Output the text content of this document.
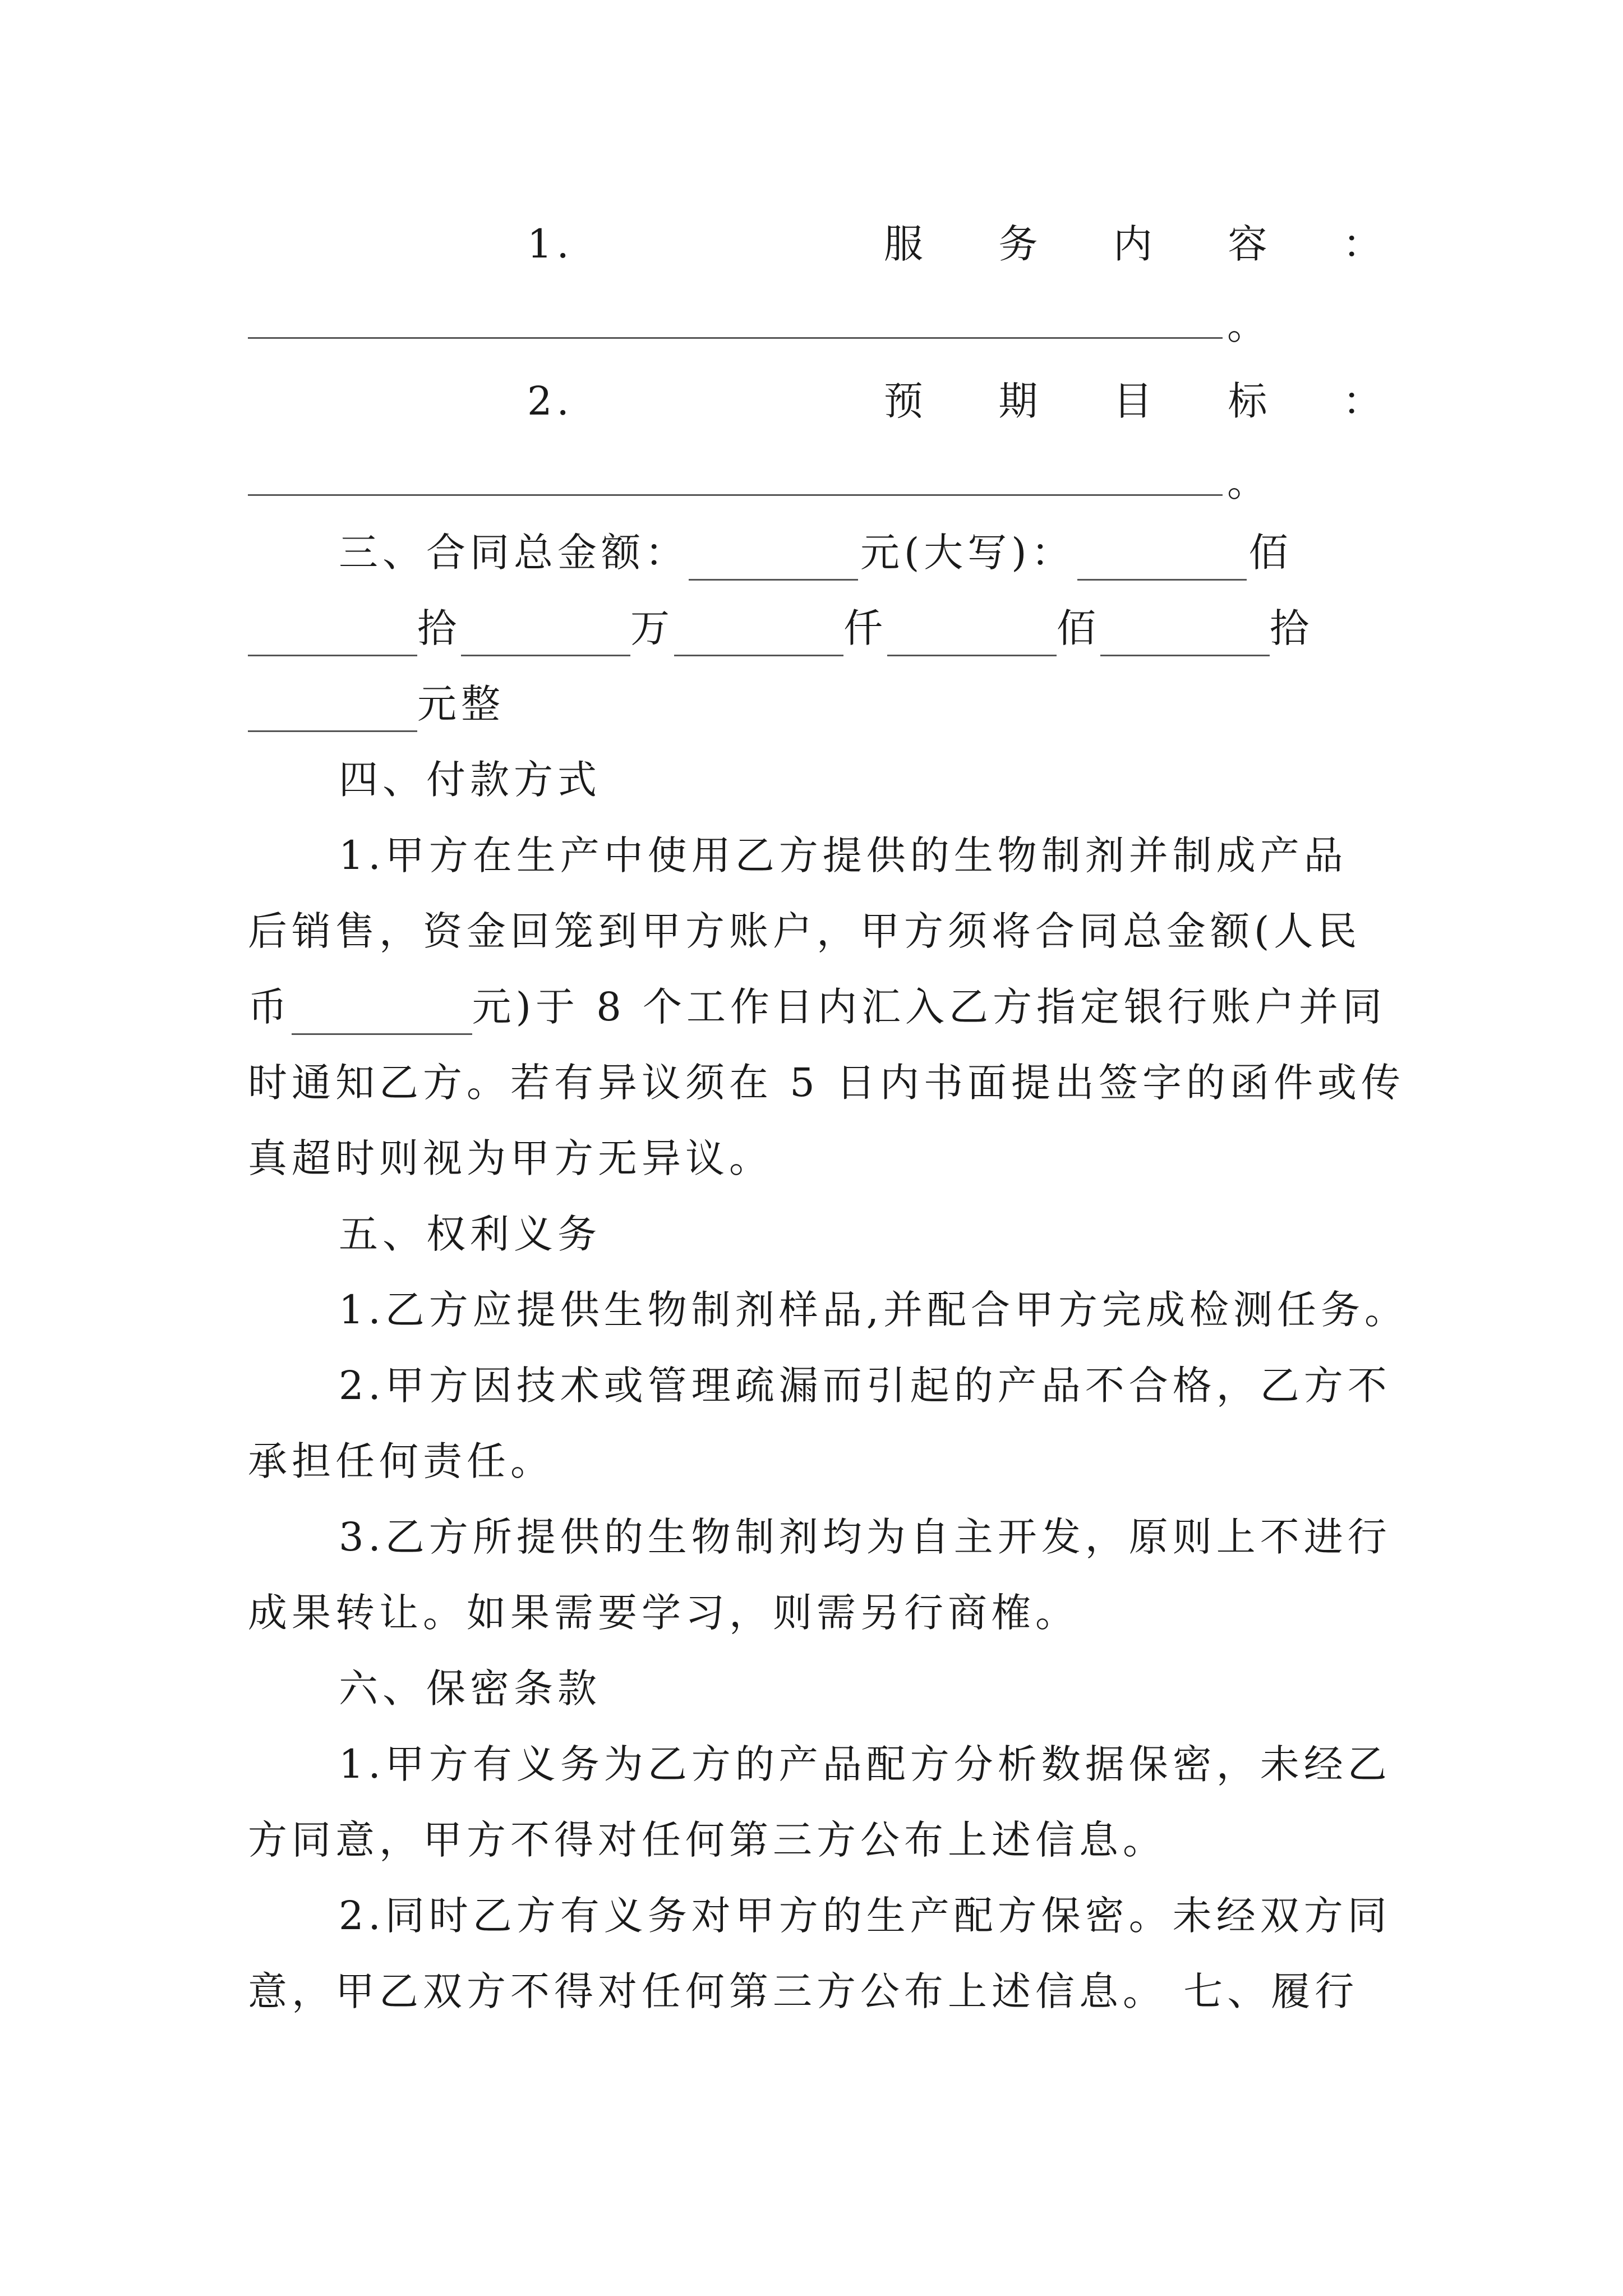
1.	服 务 内 容 ：
。
2.	预 期 目 标 ：
。
三、合同总金额：	元(大写)：	佰
拾	万	仟	佰	拾
元整
四、付款方式
1.甲方在生产中使用乙方提供的生物制剂并制成产品
后销售，资金回笼到甲方账户，甲方须将合同总金额(人民
币	元)于 8 个工作日内汇入乙方指定银行账户并同
时通知乙方。若有异议须在 5 日内书面提出签字的函件或传
真超时则视为甲方无异议。
五、权利义务
1.乙方应提供生物制剂样品,并配合甲方完成检测任务。
2.甲方因技术或管理疏漏而引起的产品不合格，乙方不
承担任何责任。
3.乙方所提供的生物制剂均为自主开发，原则上不进行
成果转让。如果需要学习，则需另行商榷。
六、保密条款
1.甲方有义务为乙方的产品配方分析数据保密，未经乙
方同意，甲方不得对任何第三方公布上述信息。
2.同时乙方有义务对甲方的生产配方保密。未经双方同
意，甲乙双方不得对任何第三方公布上述信息。 七、履行
